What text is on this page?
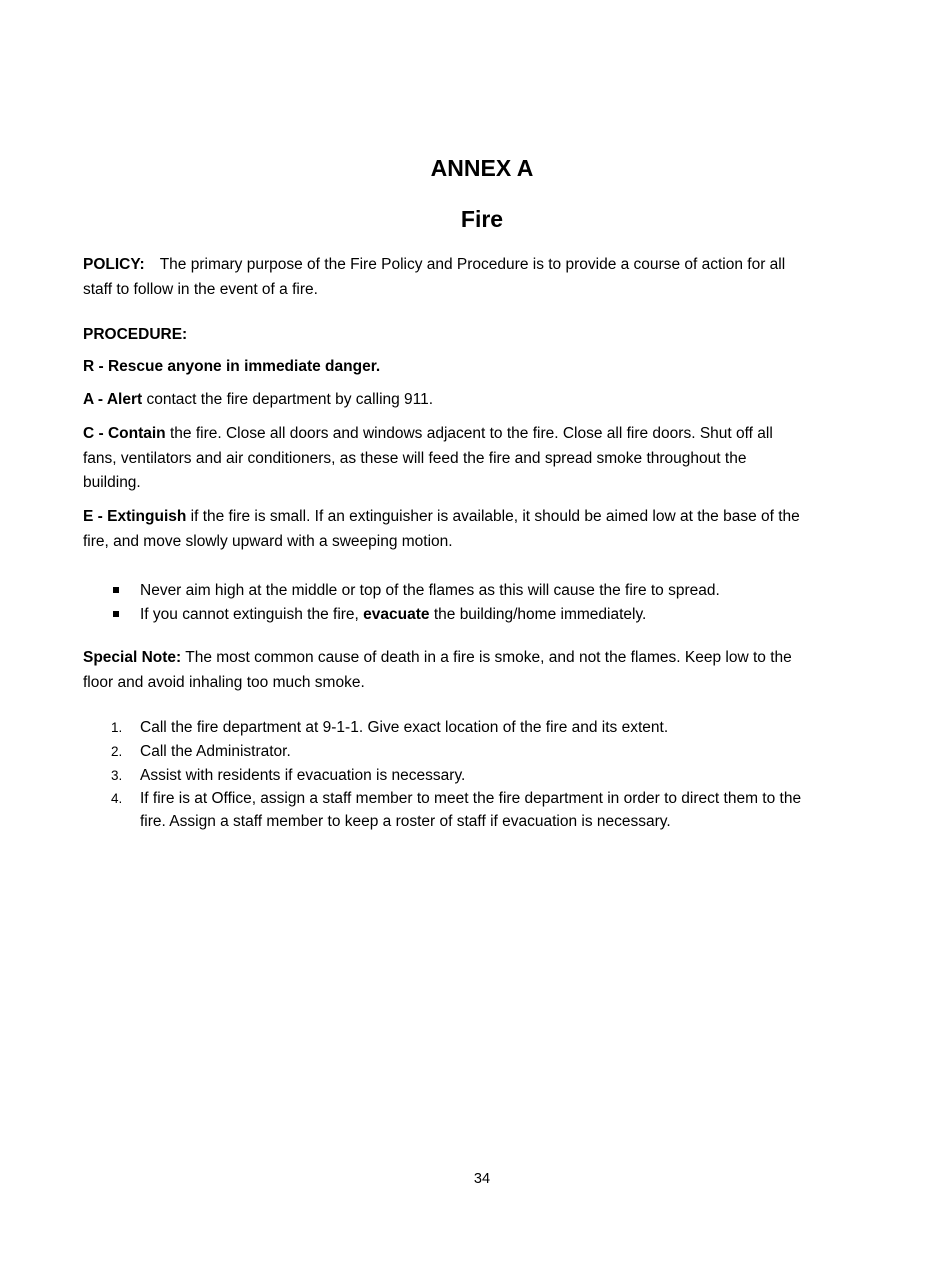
ANNEX A
Fire

POLICY: The primary purpose of the Fire Policy and Procedure is to provide a course of action for all staff to follow in the event of a fire.

PROCEDURE:

R - Rescue anyone in immediate danger.

A - Alert contact the fire department by calling 911.

C - Contain the fire. Close all doors and windows adjacent to the fire. Close all fire doors. Shut off all fans, ventilators and air conditioners, as these will feed the fire and spread smoke throughout the building.

E - Extinguish if the fire is small. If an extinguisher is available, it should be aimed low at the base of the fire, and move slowly upward with a sweeping motion.

Never aim high at the middle or top of the flames as this will cause the fire to spread.
If you cannot extinguish the fire, evacuate the building/home immediately.

Special Note: The most common cause of death in a fire is smoke, and not the flames. Keep low to the floor and avoid inhaling too much smoke.

1. Call the fire department at 9-1-1. Give exact location of the fire and its extent.
2. Call the Administrator.
3. Assist with residents if evacuation is necessary.
4. If fire is at Office, assign a staff member to meet the fire department in order to direct them to the fire. Assign a staff member to keep a roster of staff if evacuation is necessary.
34
